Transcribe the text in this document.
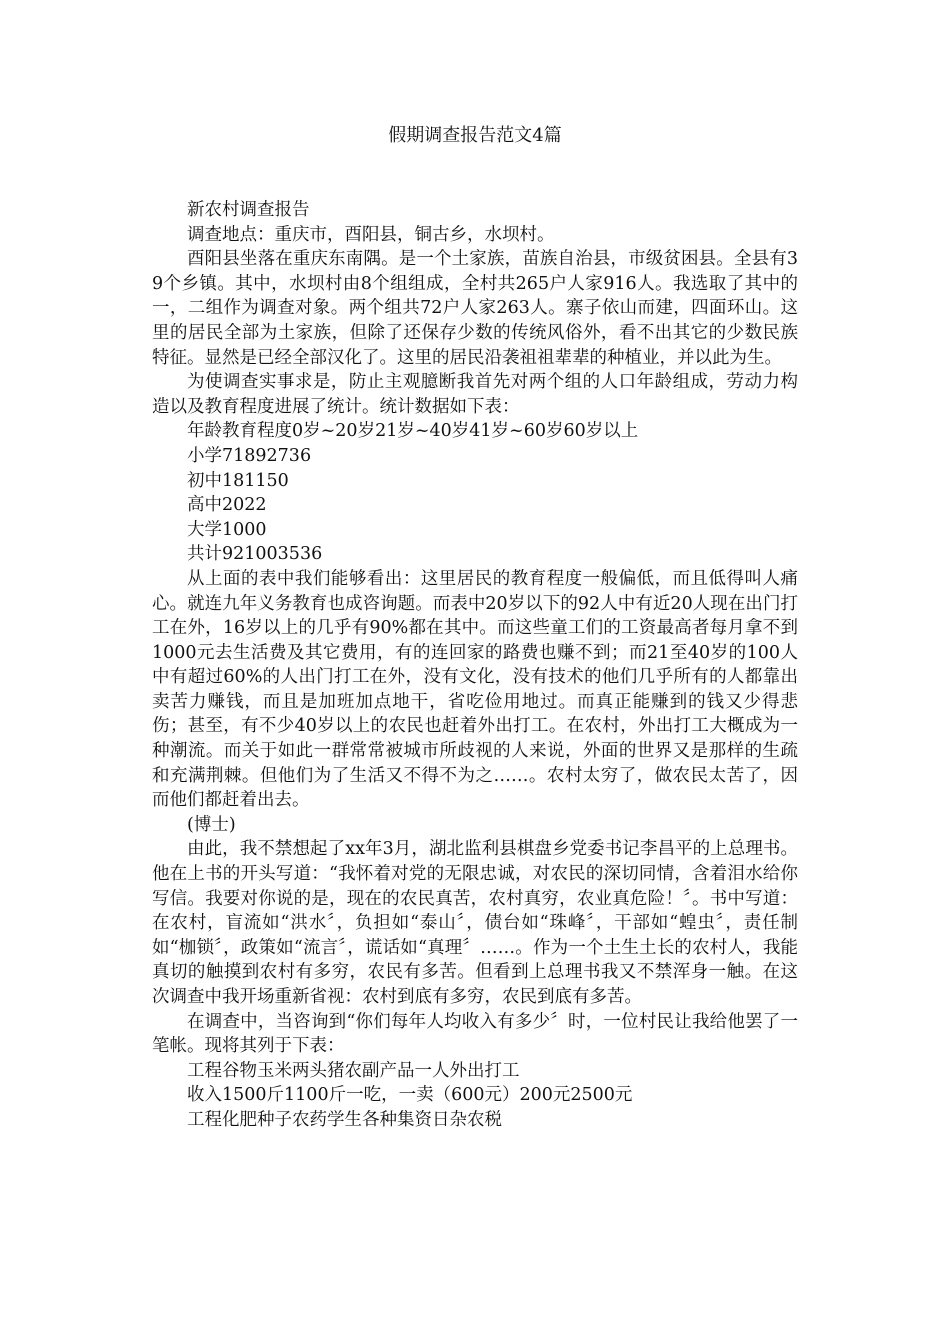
假期调查报告范文4篇

新农村调查报告

调查地点：重庆市，酉阳县，铜古乡，水坝村。

酉阳县坐落在重庆东南隅。是一个土家族，苗族自治县，市级贫困县。全县有39个乡镇。其中，水坝村由8个组组成，全村共265户人家916人。我选取了其中的一，二组作为调查对象。两个组共72户人家263人。寨子依山而建，四面环山。这里的居民全部为土家族，但除了还保存少数的传统风俗外，看不出其它的少数民族特征。显然是已经全部汉化了。这里的居民沿袭祖祖辈辈的种植业，并以此为生。

为使调查实事求是，防止主观臆断我首先对两个组的人口年龄组成，劳动力构造以及教育程度进展了统计。统计数据如下表：

年龄教育程度0岁~20岁21岁~40岁41岁~60岁60岁以上

小学71892736

初中181150

高中2022

大学1000

共计921003536

从上面的表中我们能够看出：这里居民的教育程度一般偏低，而且低得叫人痛心。就连九年义务教育也成咨询题。而表中20岁以下的92人中有近20人现在出门打工在外，16岁以上的几乎有90%都在其中。而这些童工们的工资最高者每月拿不到1000元去生活费及其它费用，有的连回家的路费也赚不到；而21至40岁的100人中有超过60%的人出门打工在外，没有文化，没有技术的他们几乎所有的人都靠出卖苦力赚钱，而且是加班加点地干，省吃俭用地过。而真正能赚到的钱又少得悲伤；甚至，有不少40岁以上的农民也赶着外出打工。在农村，外出打工大概成为一种潮流。而关于如此一群常常被城市所歧视的人来说，外面的世界又是那样的生疏和充满荆棘。但他们为了生活又不得不为之……。农村太穷了，做农民太苦了，因而他们都赶着出去。

(博士)

由此，我不禁想起了xx年3月，湖北监利县棋盘乡党委书记李昌平的上总理书。他在上书的开头写道：“我怀着对党的无限忠诚，对农民的深切同情，含着泪水给你写信。我要对你说的是，现在的农民真苦，农村真穷，农业真危险！〞。书中写道：在农村，盲流如“洪水〞，负担如“泰山〞，债台如“珠峰〞，干部如“蝗虫〞，责任制如“枷锁〞，政策如“流言〞，谎话如“真理〞……。作为一个土生土长的农村人，我能真切的触摸到农村有多穷，农民有多苦。但看到上总理书我又不禁浑身一触。在这次调查中我开场重新省视：农村到底有多穷，农民到底有多苦。

在调查中，当咨询到“你们每年人均收入有多少〞时，一位村民让我给他罢了一笔帐。现将其列于下表：

工程谷物玉米两头猪农副产品一人外出打工

收入1500斤1100斤一吃，一卖（600元）200元2500元

工程化肥种子农药学生各种集资日杂农税
